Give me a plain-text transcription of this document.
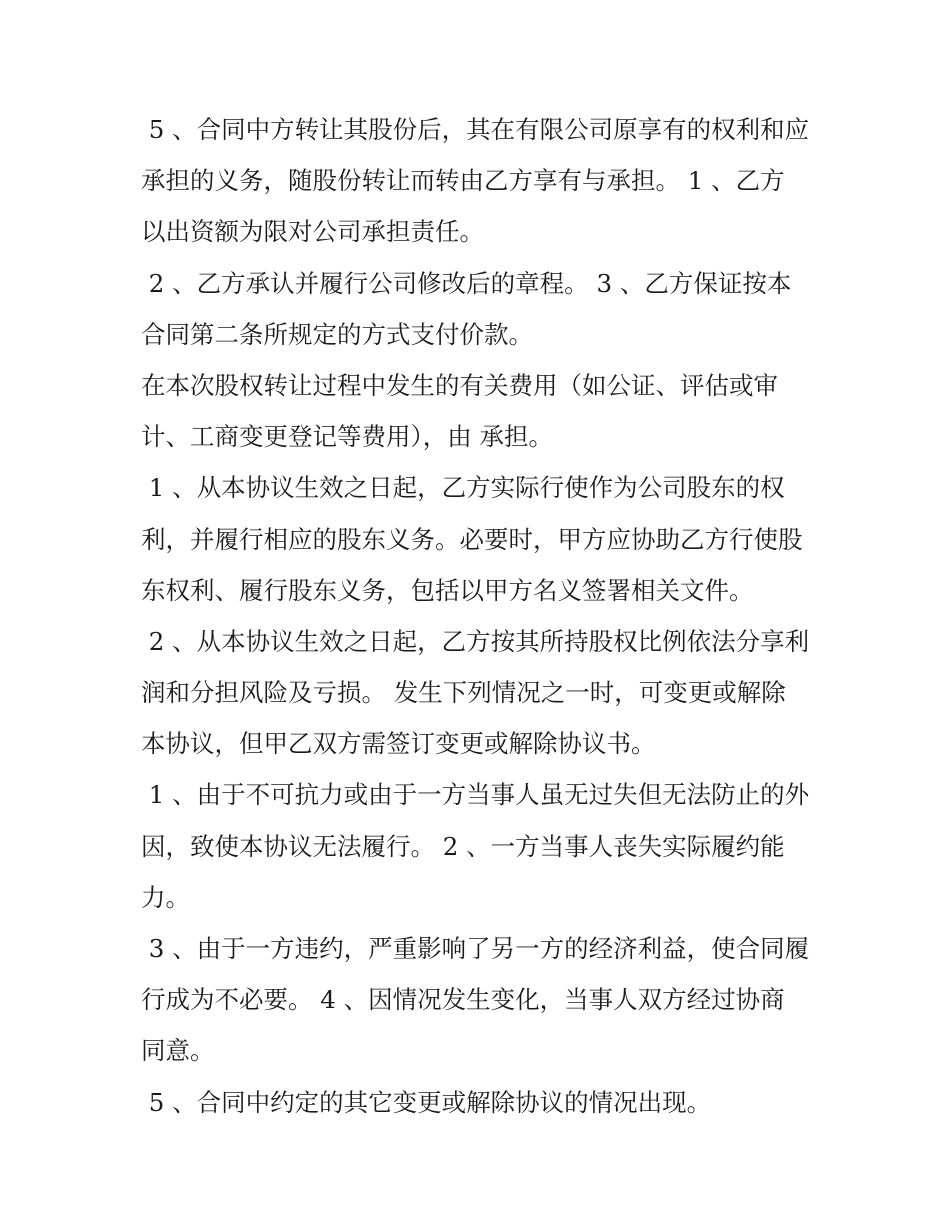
5 、合同中方转让其股份后，其在有限公司原享有的权利和应
承担的义务，随股份转让而转由乙方享有与承担。 1 、乙方
以出资额为限对公司承担责任。
2 、乙方承认并履行公司修改后的章程。 3 、乙方保证按本
合同第二条所规定的方式支付价款。
在本次股权转让过程中发生的有关费用（如公证、评估或审
计、工商变更登记等费用），由 承担。
1 、从本协议生效之日起，乙方实际行使作为公司股东的权
利，并履行相应的股东义务。必要时，甲方应协助乙方行使股
东权利、履行股东义务，包括以甲方名义签署相关文件。
2 、从本协议生效之日起，乙方按其所持股权比例依法分享利
润和分担风险及亏损。 发生下列情况之一时，可变更或解除
本协议，但甲乙双方需签订变更或解除协议书。
1 、由于不可抗力或由于一方当事人虽无过失但无法防止的外
因，致使本协议无法履行。 2 、一方当事人丧失实际履约能
力。
3 、由于一方违约，严重影响了另一方的经济利益，使合同履
行成为不必要。 4 、因情况发生变化，当事人双方经过协商
同意。
5 、合同中约定的其它变更或解除协议的情况出现。
